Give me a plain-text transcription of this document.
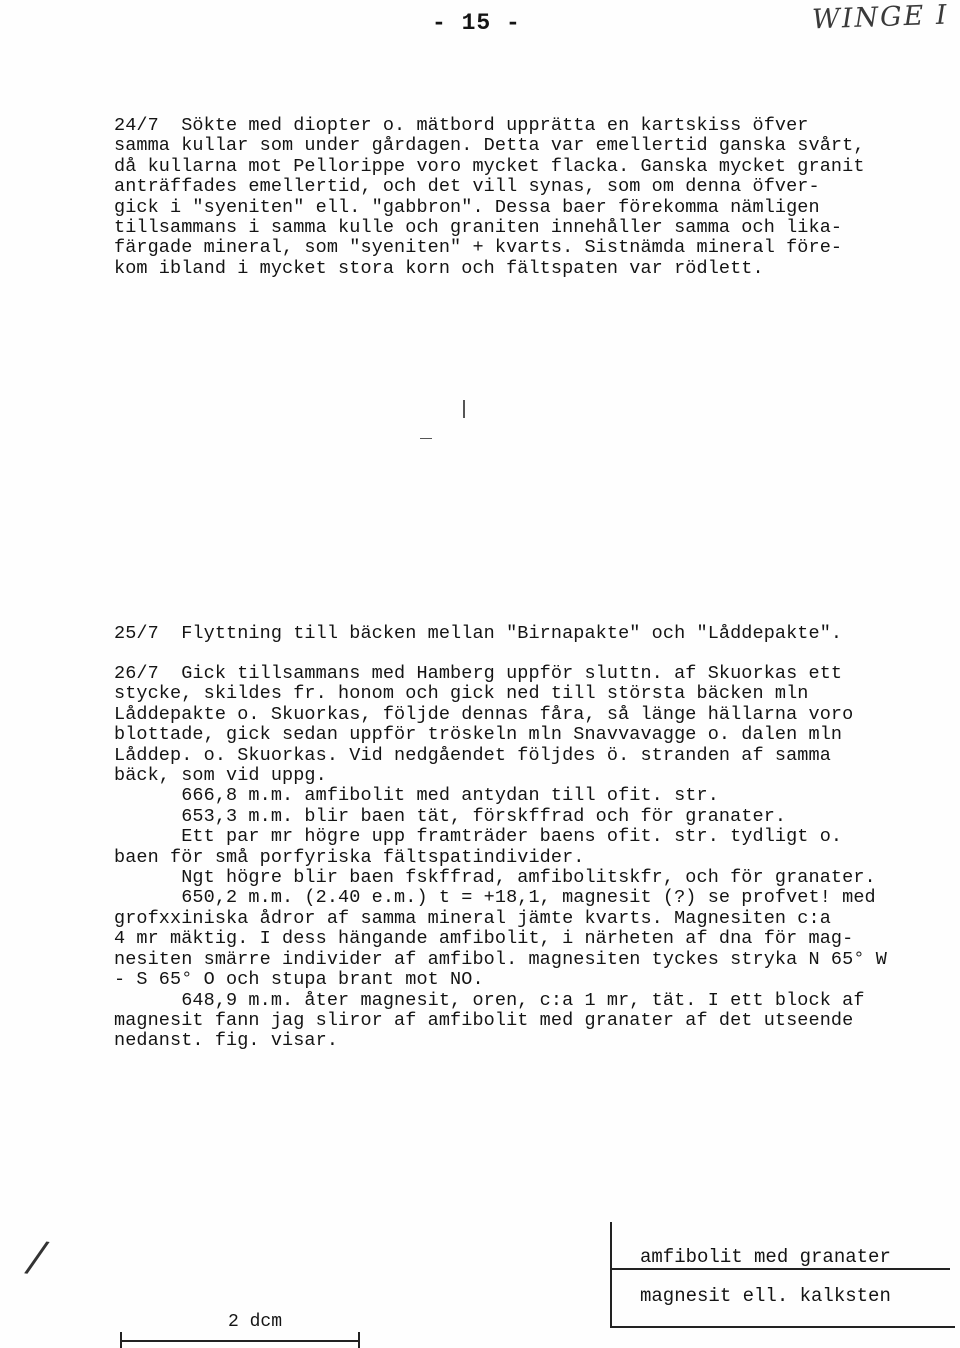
- 15 -	WINGE I
24/7  Sökte med diopter o. mätbord upprätta en kartskiss öfver
samma kullar som under gårdagen. Detta var emellertid ganska svårt,
då kullarna mot Pellorippe voro mycket flacka. Ganska mycket granit
anträffades emellertid, och det vill synas, som om denna öfver-
gick i "syeniten" ell. "gabbron". Dessa baer förekomma nämligen
tillsammans i samma kulle och graniten innehåller samma och lika-
färgade mineral, som "syeniten" + kvarts. Sistnämda mineral före-
kom ibland i mycket stora korn och fältspaten var rödlett.
25/7  Flyttning till bäcken mellan "Birnapakte" och "Låddepakte".
26/7  Gick tillsammans med Hamberg uppför sluttn. af Skuorkas ett
stycke, skildes fr. honom och gick ned till största bäcken mln
Låddepakte o. Skuorkas, följde dennas fåra, så länge hällarna voro
blottade, gick sedan uppför tröskeln mln Snavvavagge o. dalen mln
Låddep. o. Skuorkas. Vid nedgåendet följdes ö. stranden af samma
bäck, som vid uppg.
666,8 m.m. amfibolit med antydan till ofit. str.
653,3 m.m. blir baen tät, förskffrad och för granater.
Ett par mr högre upp framträder baens ofit. str. tydligt o.
baen för små porfyriska fältspatindivider.
Ngt högre blir baen fskffrad, amfibolitskfr, och för granater.
650,2 m.m. (2.40 e.m.) t = +18,1, magnesit (?) se profvet! med
grofxxiniska ådror af samma mineral jämte kvarts. Magnesiten c:a
4 mr mäktig. I dess hängande amfibolit, i närheten af dna för mag-
nesiten smärre individer af amfibol. magnesiten tyckes stryka N 65° W
- S 65° O och stupa brant mot NO.
648,9 m.m. åter magnesit, oren, c:a 1 mr, tät. I ett block af
magnesit fann jag sliror af amfibolit med granater af det utseende
nedanst. fig. visar.
/
2 dcm
amfibolit med granater
magnesit ell. kalksten
